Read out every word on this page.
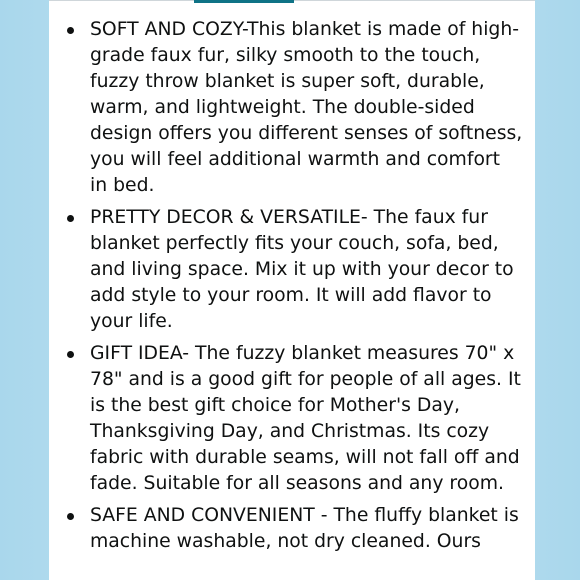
SOFT AND COZY-This blanket is made of high-grade faux fur, silky smooth to the touch, fuzzy throw blanket is super soft, durable, warm, and lightweight. The double-sided design offers you different senses of softness, you will feel additional warmth and comfort in bed.
PRETTY DECOR & VERSATILE- The faux fur blanket perfectly fits your couch, sofa, bed, and living space. Mix it up with your decor to add style to your room. It will add flavor to your life.
GIFT IDEA- The fuzzy blanket measures 70" x 78" and is a good gift for people of all ages. It is the best gift choice for Mother's Day, Thanksgiving Day, and Christmas. Its cozy fabric with durable seams, will not fall off and fade. Suitable for all seasons and any room.
SAFE AND CONVENIENT - The fluffy blanket is machine washable, not dry cleaned. Ours
